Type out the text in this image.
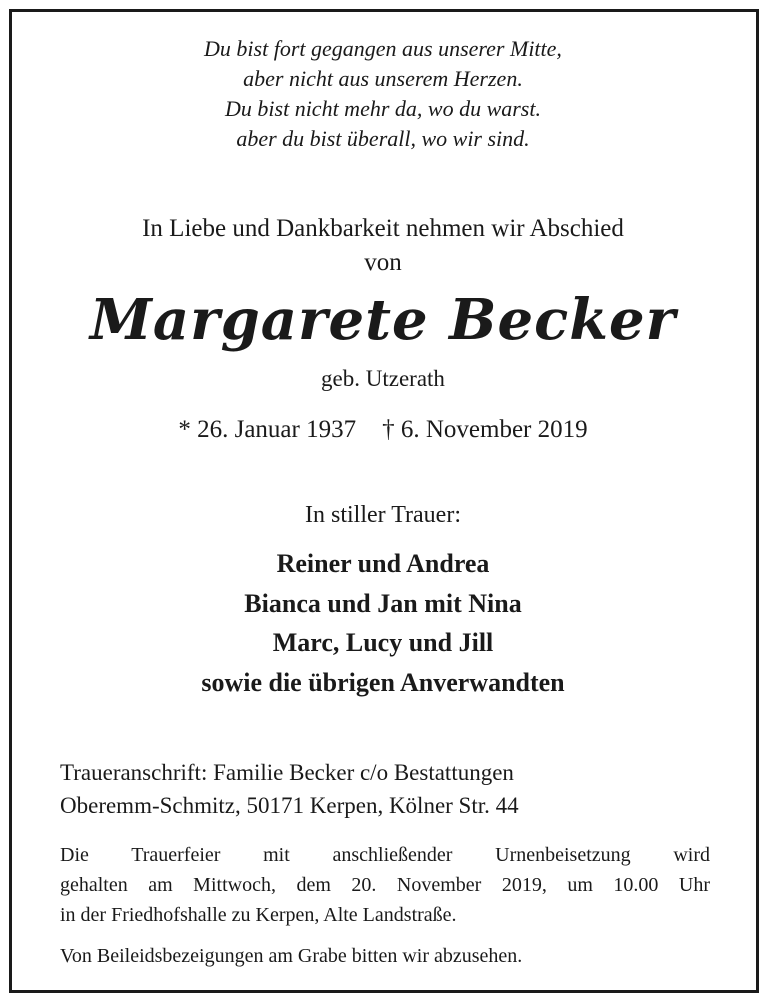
Du bist fort gegangen aus unserer Mitte,
aber nicht aus unserem Herzen.
Du bist nicht mehr da, wo du warst.
aber du bist überall, wo wir sind.
In Liebe und Dankbarkeit nehmen wir Abschied
von
Margarete Becker
geb. Utzerath
* 26. Januar 1937 † 6. November 2019
In stiller Trauer:
Reiner und Andrea
Bianca und Jan mit Nina
Marc, Lucy und Jill
sowie die übrigen Anverwandten
Traueranschrift: Familie Becker c/o Bestattungen
Oberemm-Schmitz, 50171 Kerpen, Kölner Str. 44
Die Trauerfeier mit anschließender Urnenbeisetzung wird
gehalten am Mittwoch, dem 20. November 2019, um 10.00 Uhr
in der Friedhofshalle zu Kerpen, Alte Landstraße.
Von Beileidsbezeigungen am Grabe bitten wir abzusehen.
